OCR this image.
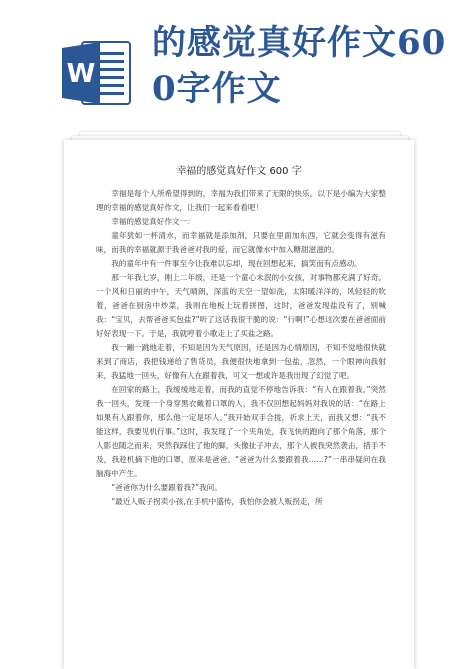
W
的感觉真好作文600字作文
幸福的感觉真好作文 600 字

幸福是每个人所希望得到的，幸福为我们带来了无限的快乐。以下是小编为大家整理的幸福的感觉真好作文，让我们一起来看看吧！

幸福的感觉真好作文一：

童年犹如一杯清水，而幸福就是添加剂，只要在里面加东西，它就会变得有滋有味，而我的幸福就源于我爸爸对我的爱，而它就像水中加入糖甜滋滋的。

我的童年中有一件事至今让我难以忘却，现在回想起来，搞笑而有点感动。

那一年我七岁，刚上二年级，还是一个童心未泯的小女孩，对事物都充满了好奇。一个风和日丽的中午，天气晴朗，深蓝的天空一望如洗，太阳暖洋洋的，风轻轻的吹着，爸爸在厨房中炒菜，我则在地板上玩着拼图，这时，爸爸发现盐没有了，别喊我：“宝贝，去帮爸爸买包盐?”听了这话我很干脆的说：“行啊!”心想这次要在爸爸面前好好表现一下。于是，我就哼着小歌走上了买盐之路。

我一蹦一跳地走着，不知是因为天气原因，还是因为心情原因，不知不觉地很快就来到了商店，我把钱递给了售货员，我便很快地拿到一包盐，忽然，一个眼神向我射来，我猛地一回头，好像有人在跟着我，可又一想或许是我出现了幻觉了吧。

在回家的路上，我缓缓地走着，而我的直觉不停地告诉我：“有人在跟着我。”突然我一回头，发现一个身穿黑衣戴着口罩的人，我不仅回想起妈妈对我说的话：“在路上如果有人跟着你，那么他一定是坏人。”我开始双手合拢，祈求上天，而我又想：“我不能这样，我要见机行事。”这时，我发现了一个夹角处，我飞快的跑向了那个角落，那个人影也随之而来，突然我踩住了他的脚，头像扯子冲去，那个人被我突然袭击，措手不及，我趁机摘下他的口罩，原来是爸爸。“爸爸为什么要跟着我……?”一串串疑问在我脑海中产生。

“爸爸你为什么要跟着我?”我问。

“最近人贩子拐卖小孩,在手机中盛传，我怕你会被人贩拐走，所
